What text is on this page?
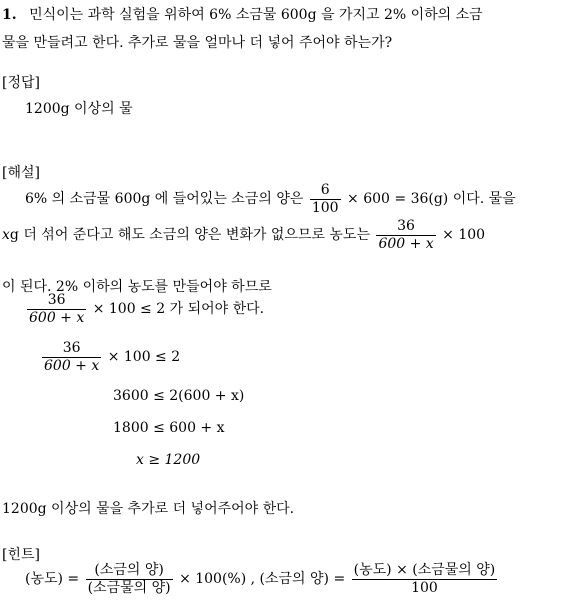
1. 민식이는 과학 실험을 위하여 6% 소금물 600g 을 가지고 2% 이하의 소금
물을 만들려고 한다. 추가로 물을 얼마나 더 넣어 주어야 하는가?
[정답]
1200g 이상의 물
[해설]
6% 의 소금물 600g 에 들어있는 소금의 양은 $\frac{6}{100} \times 600 = 36(g)$ 이다. 물을
xg 더 섞어 준다고 해도 소금의 양은 변화가 없으므로 농도는 $\frac{36}{600 + x} \times 100$
이 된다. 2% 이하의 농도를 만들어야 하므로
$\frac{36}{600 + x} \times 100 \le 2$ 가 되어야 한다.
$\frac{36}{600 + x} \times 100 \le 2$
3600 ≤ 2(600 + x)
1800 ≤ 600 + x
x ≥ 1200
1200g 이상의 물을 추가로 더 넣어주어야 한다.
[힌트]
(농도) = $\frac{\text{(소금의 양)}}{\text{(소금물의 양)}} \times 100(\%)$ , (소금의 양) = $\frac{\text{(농도) × (소금물의 양)}}{100}$
